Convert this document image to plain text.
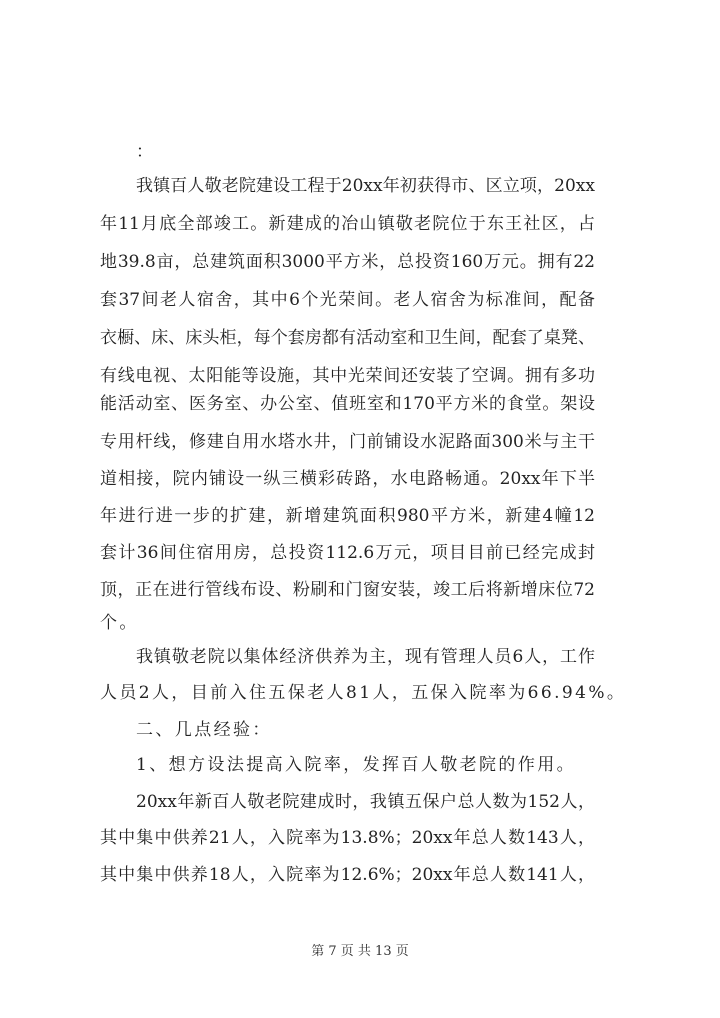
：
我镇百人敬老院建设工程于20xx年初获得市、区立项，20xx
年11月底全部竣工。新建成的冶山镇敬老院位于东王社区，占
地39.8亩，总建筑面积3000平方米，总投资160万元。拥有22
套37间老人宿舍，其中6个光荣间。老人宿舍为标准间，配备
衣橱、床、床头柜，每个套房都有活动室和卫生间，配套了桌凳、
有线电视、太阳能等设施，其中光荣间还安装了空调。拥有多功
能活动室、医务室、办公室、值班室和170平方米的食堂。架设
专用杆线，修建自用水塔水井，门前铺设水泥路面300米与主干
道相接，院内铺设一纵三横彩砖路，水电路畅通。20xx年下半
年进行进一步的扩建，新增建筑面积980平方米，新建4幢12
套计36间住宿用房，总投资112.6万元，项目目前已经完成封
顶，正在进行管线布设、粉刷和门窗安装，竣工后将新增床位72
个。
我镇敬老院以集体经济供养为主，现有管理人员6人，工作
人员2人，目前入住五保老人81人，五保入院率为66.94%。
二、几点经验：
1、想方设法提高入院率，发挥百人敬老院的作用。
20xx年新百人敬老院建成时，我镇五保户总人数为152人，
其中集中供养21人，入院率为13.8%；20xx年总人数143人，
其中集中供养18人，入院率为12.6%；20xx年总人数141人，
第 7 页 共 13 页
